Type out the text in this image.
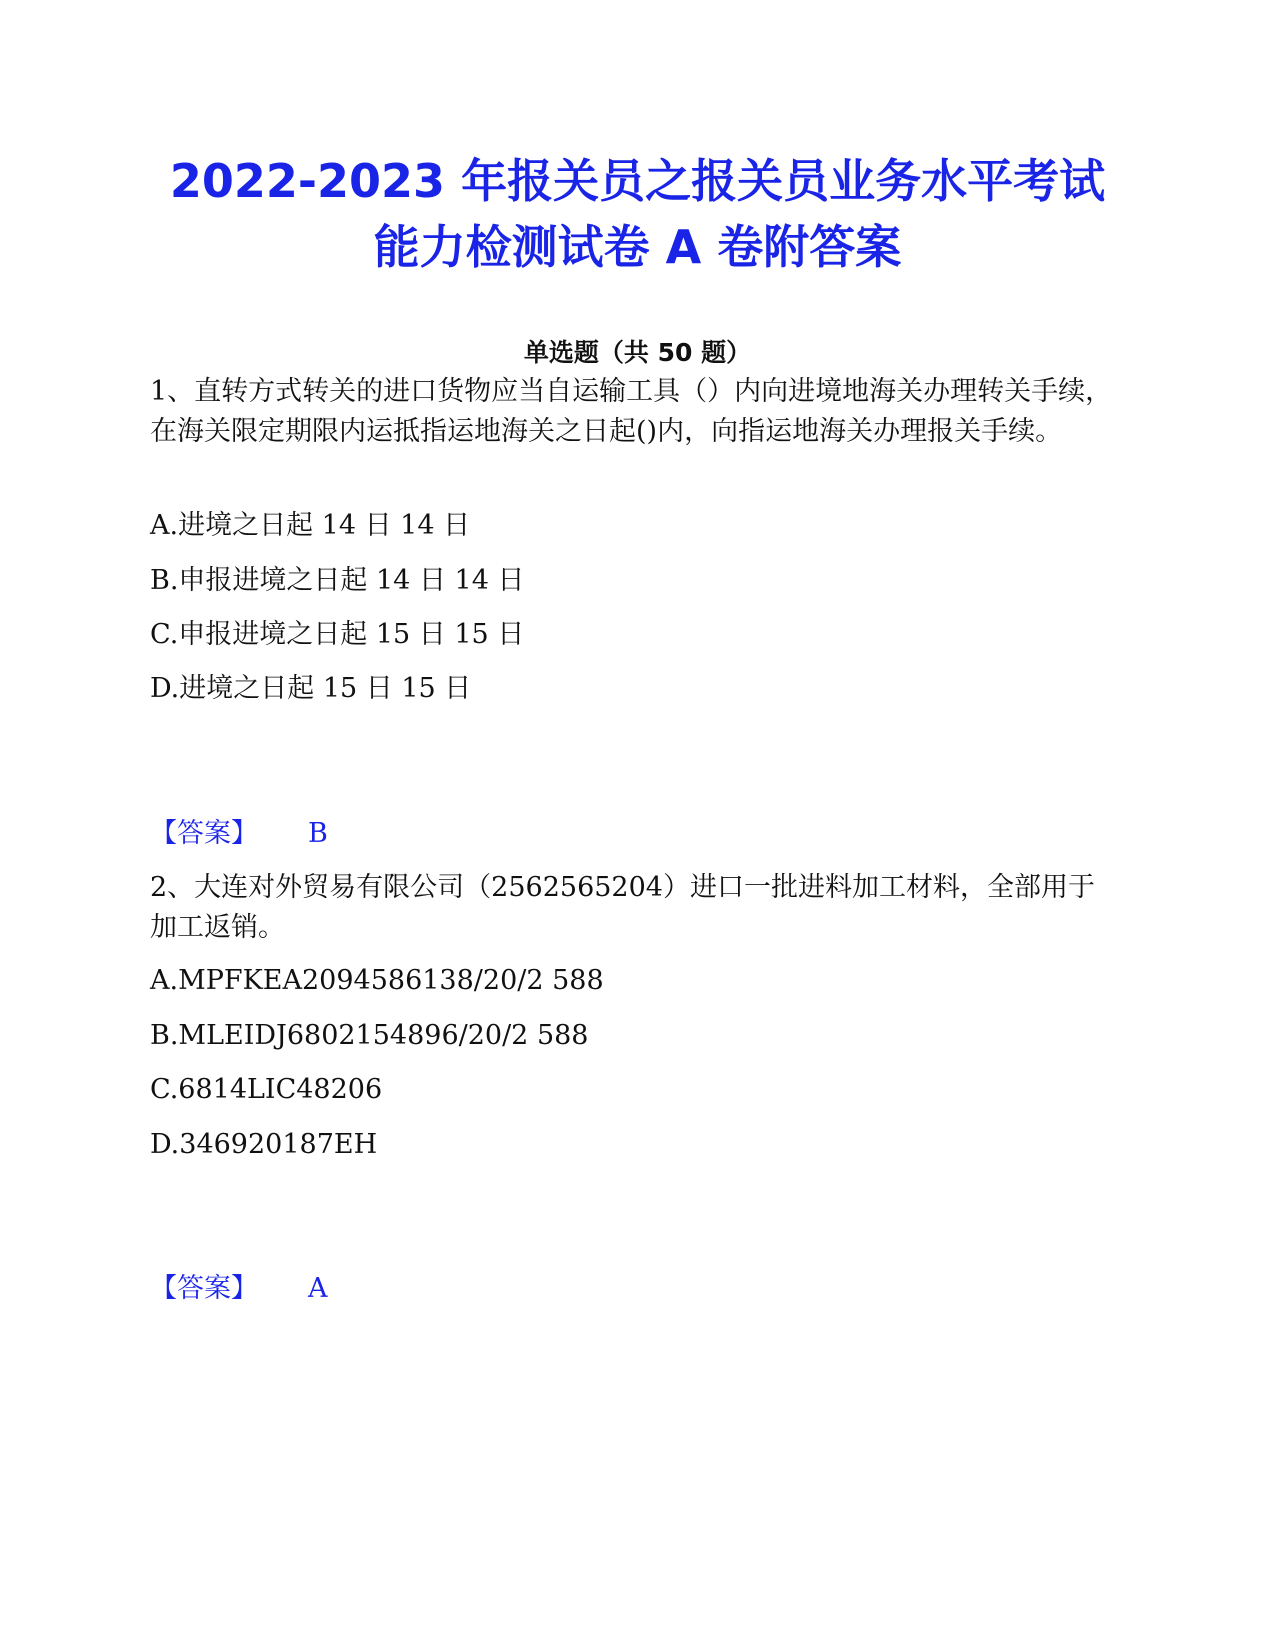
2022-2023 年报关员之报关员业务水平考试
能力检测试卷 A 卷附答案
单选题（共 50 题）
1、直转方式转关的进口货物应当自运输工具（）内向进境地海关办理转关手续，在海关限定期限内运抵指运地海关之日起()内，向指运地海关办理报关手续。
A.进境之日起 14 日 14 日
B.申报进境之日起 14 日 14 日
C.申报进境之日起 15 日 15 日
D.进境之日起 15 日 15 日
【答案】 B
2、大连对外贸易有限公司（2562565204）进口一批进料加工材料，全部用于加工返销。
A.MPFKEA2094586138/20/2 588
B.MLEIDJ6802154896/20/2 588
C.6814LIC48206
D.346920187EH
【答案】 A
